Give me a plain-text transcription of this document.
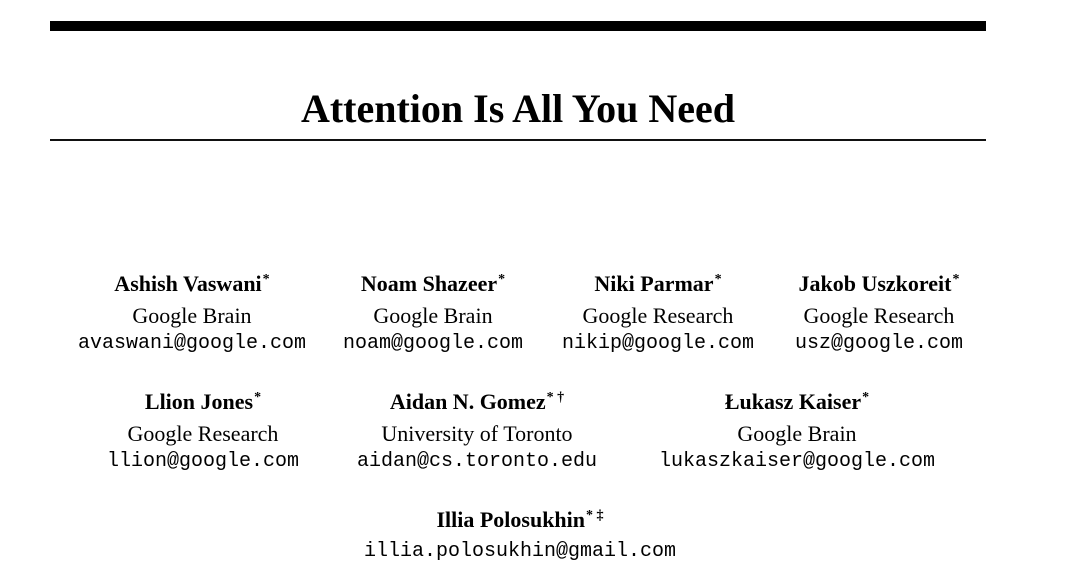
Attention Is All You Need
Ashish Vaswani*
Google Brain
avaswani@google.com
Noam Shazeer*
Google Brain
noam@google.com
Niki Parmar*
Google Research
nikip@google.com
Jakob Uszkoreit*
Google Research
usz@google.com
Llion Jones*
Google Research
llion@google.com
Aidan N. Gomez* †
University of Toronto
aidan@cs.toronto.edu
Łukasz Kaiser*
Google Brain
lukaszkaiser@google.com
Illia Polosukhin* ‡
illia.polosukhin@gmail.com
